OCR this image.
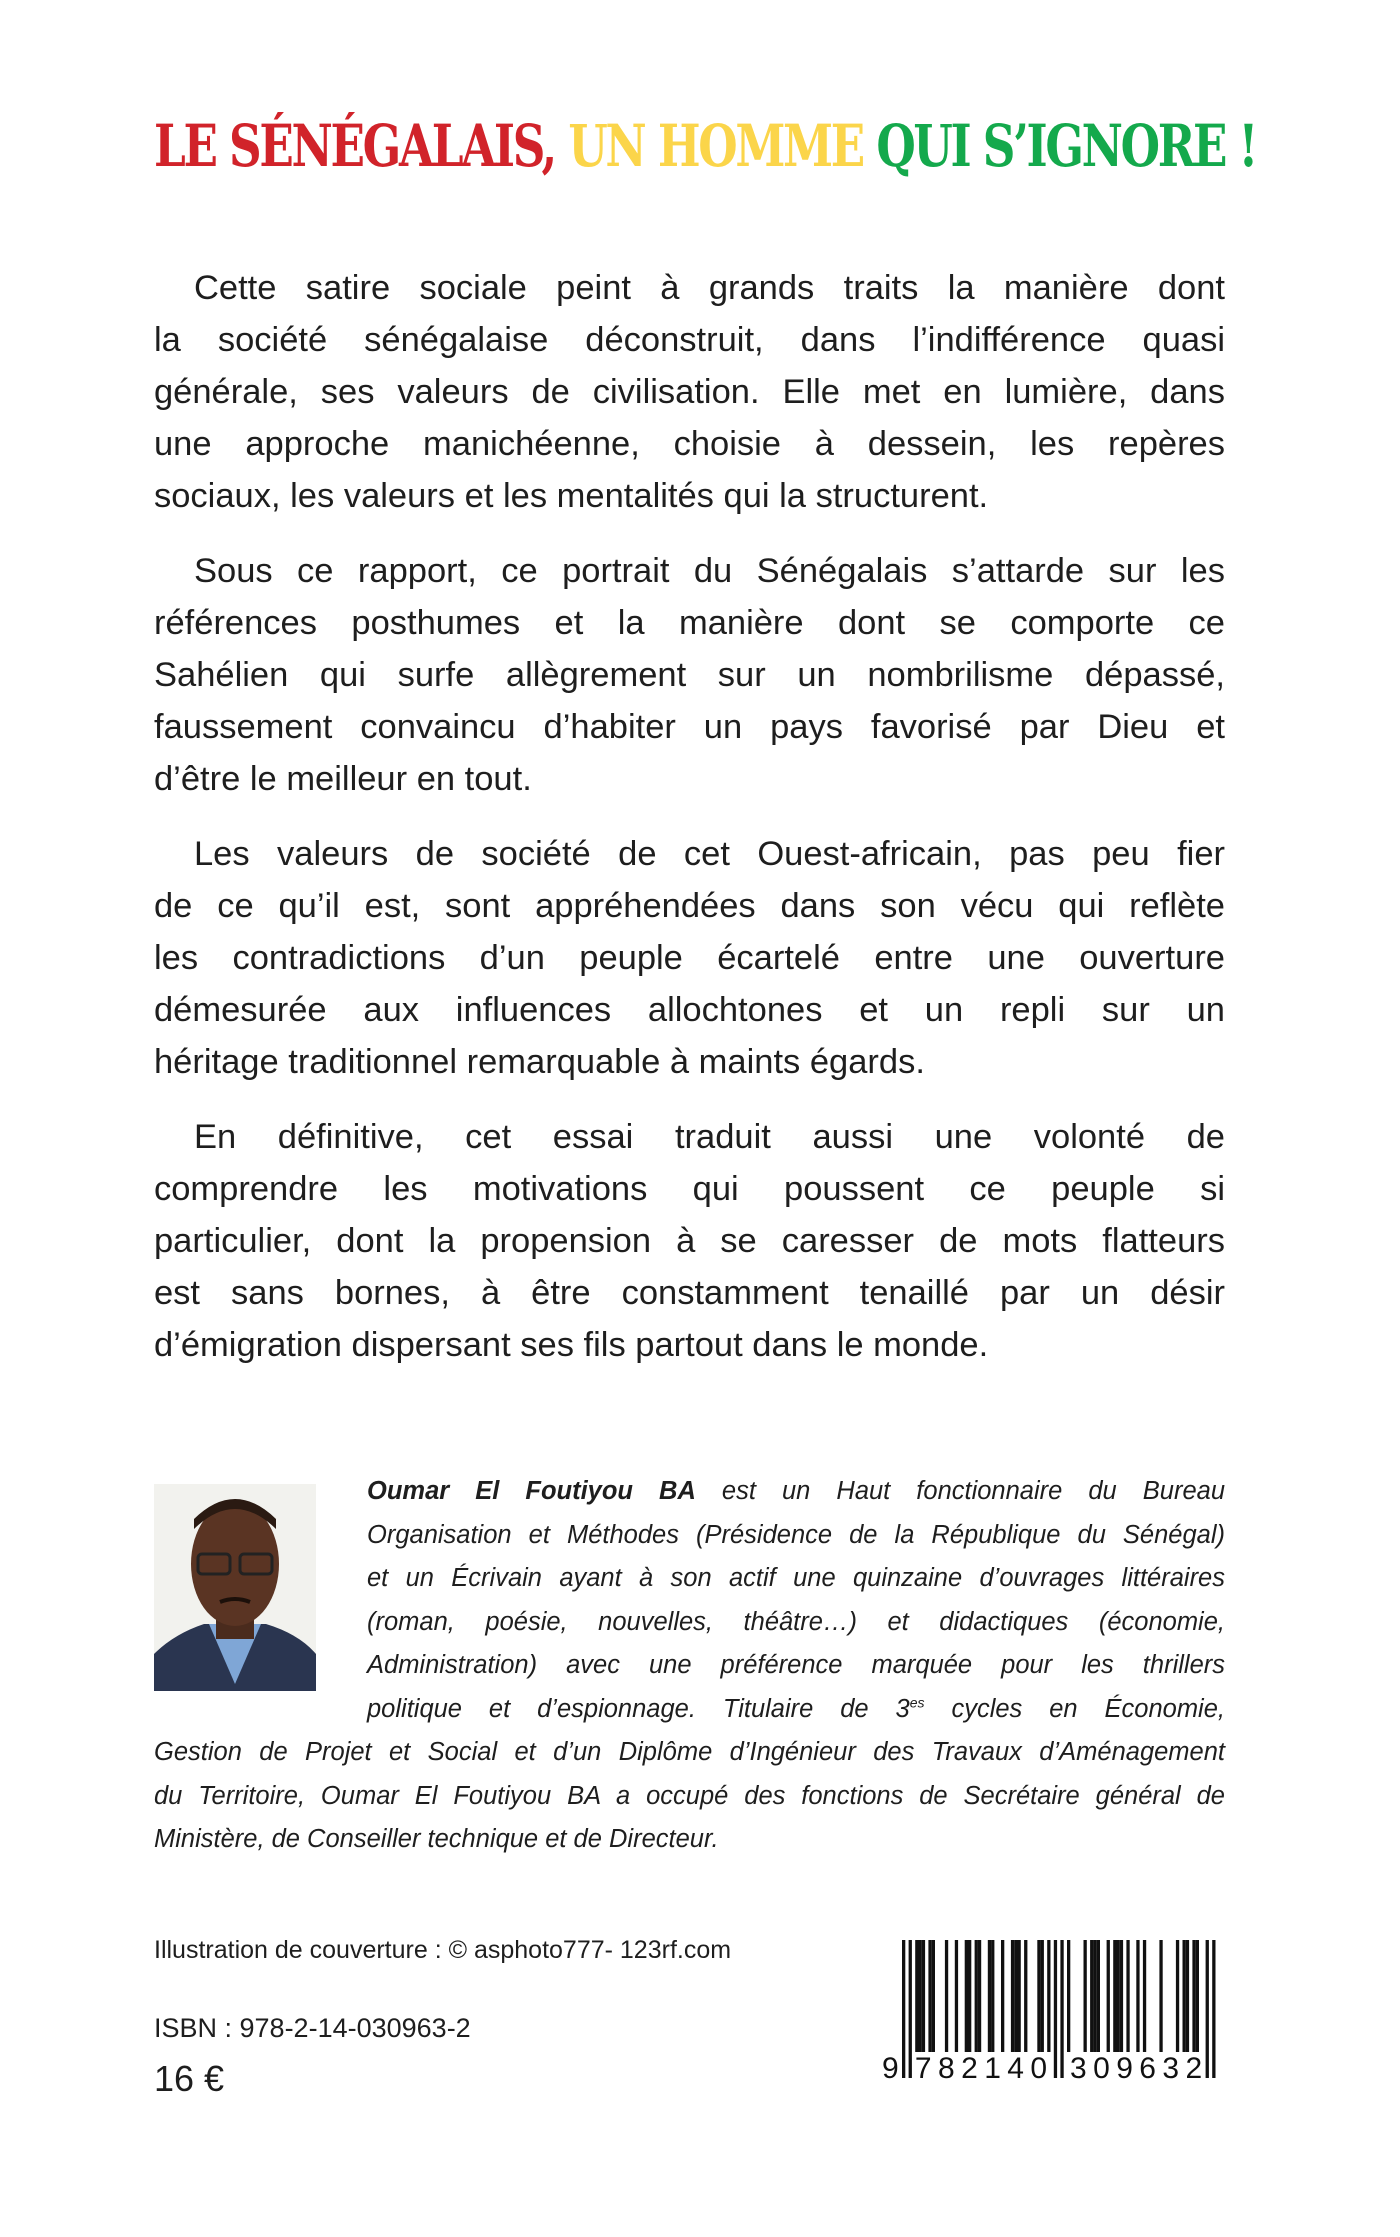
LE SÉNÉGALAIS, UN HOMME QUI S’IGNORE !
Cette satire sociale peint à grands traits la manière dont
la société sénégalaise déconstruit, dans l’indifférence quasi
générale, ses valeurs de civilisation. Elle met en lumière, dans
une approche manichéenne, choisie à dessein, les repères
sociaux, les valeurs et les mentalités qui la structurent.
Sous ce rapport, ce portrait du Sénégalais s’attarde sur les
références posthumes et la manière dont se comporte ce
Sahélien qui surfe allègrement sur un nombrilisme dépassé,
faussement convaincu d’habiter un pays favorisé par Dieu et
d’être le meilleur en tout.
Les valeurs de société de cet Ouest-africain, pas peu fier
de ce qu’il est, sont appréhendées dans son vécu qui reflète
les contradictions d’un peuple écartelé entre une ouverture
démesurée aux influences allochtones et un repli sur un
héritage traditionnel remarquable à maints égards.
En définitive, cet essai traduit aussi une volonté de
comprendre les motivations qui poussent ce peuple si
particulier, dont la propension à se caresser de mots flatteurs
est sans bornes, à être constamment tenaillé par un désir
d’émigration dispersant ses fils partout dans le monde.
Oumar El Foutiyou BA est un Haut fonctionnaire du Bureau
Organisation et Méthodes (Présidence de la République du Sénégal)
et un Écrivain ayant à son actif une quinzaine d’ouvrages littéraires
(roman, poésie, nouvelles, théâtre…) et didactiques (économie,
Administration) avec une préférence marquée pour les thrillers
politique et d’espionnage. Titulaire de $3^{es}$ cycles en Économie,
Gestion de Projet et Social et d’un Diplôme d’Ingénieur des Travaux d’Aménagement
du Territoire, Oumar El Foutiyou BA a occupé des fonctions de Secrétaire général de
Ministère, de Conseiller technique et de Directeur.
Illustration de couverture : © asphoto777- 123rf.com
ISBN : 978-2-14-030963-2
16 €	9 7 8 2 1 4 0 3 0 9 6 3 2
